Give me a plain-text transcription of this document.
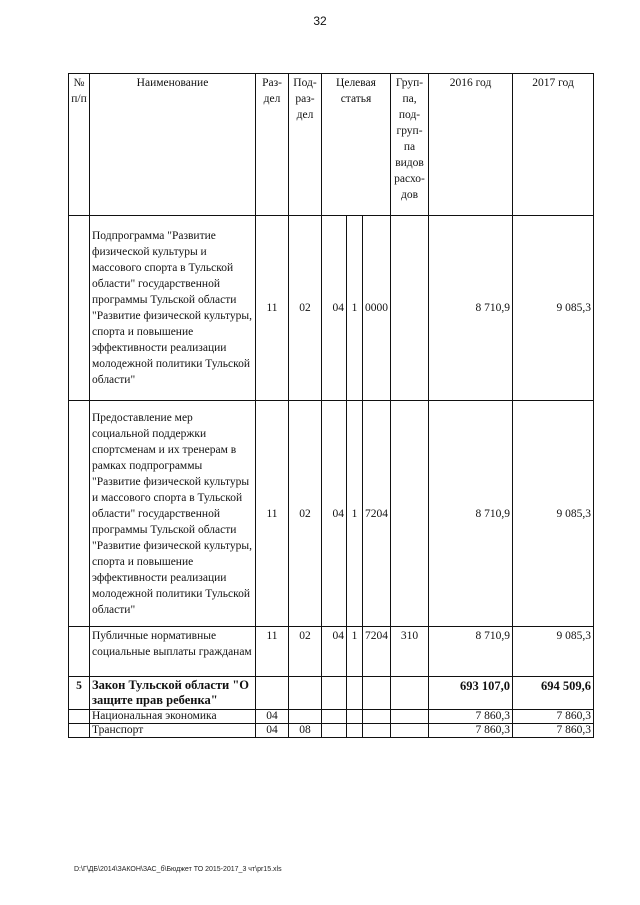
32
№ п/п	Наименование	Раз- дел	Под- раз- дел	Целевая статья			Груп- па, под- груп- па видов расхо- дов	2016 год	2017 год
	Подпрограмма "Развитие физической культуры и массового спорта в Тульской области" государственной программы Тульской области "Развитие физической культуры, спорта и повышение эффективности реализации молодежной политики Тульской области"	11	02	04	1	0000		8 710,9	9 085,3
	Предоставление мер социальной поддержки спортсменам и их тренерам в рамках подпрограммы "Развитие физической культуры и массового спорта в Тульской области" государственной программы Тульской области "Развитие физической культуры, спорта и повышение эффективности реализации молодежной политики Тульской области"	11	02	04	1	7204		8 710,9	9 085,3
	Публичные нормативные социальные выплаты гражданам	11	02	04	1	7204	310	8 710,9	9 085,3
5	Закон Тульской области "О защите прав ребенка"							693 107,0	694 509,6
	Национальная экономика	04						7 860,3	7 860,3
	Транспорт	04	08					7 860,3	7 860,3
D:\Г\ДБ\2014\ЗАКОН\ЗАС_б\Бюджет ТО 2015-2017_3 чт\pr15.xls
